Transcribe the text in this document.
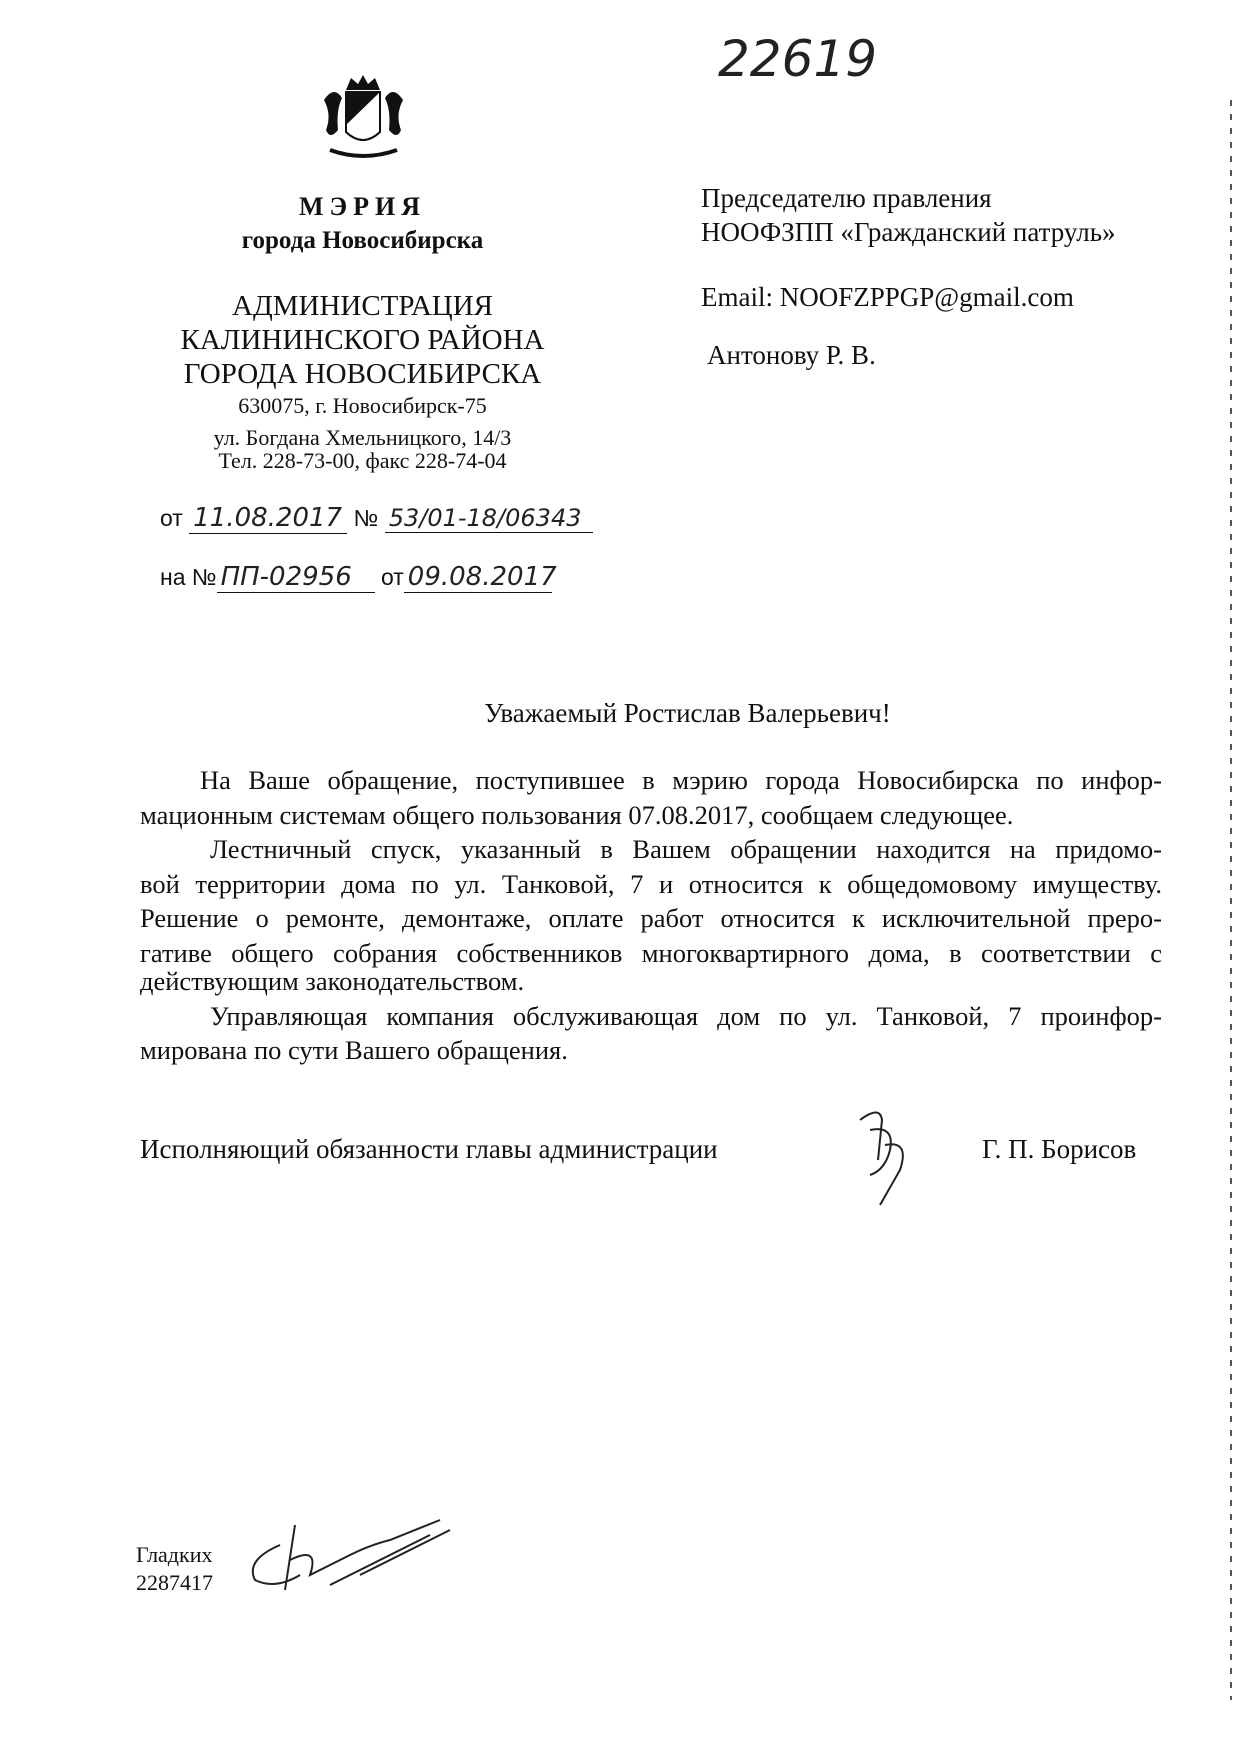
22619
МЭРИЯ
города Новосибирска
АДМИНИСТРАЦИЯ
КАЛИНИНСКОГО РАЙОНА
ГОРОДА НОВОСИБИРСКА
630075, г. Новосибирск-75
ул. Богдана Хмельницкого, 14/3
Тел. 228-73-00, факс 228-74-04
от 11.08.2017 № 53/01-18/06343
на № ПП-02956 от 09.08.2017
Председателю правления
НООФЗПП «Гражданский патруль»
Email: NOOFZPPGP@gmail.com
Антонову Р. В.
Уважаемый Ростислав Валерьевич!
На Ваше обращение, поступившее в мэрию города Новосибирска по инфор-
мационным системам общего пользования 07.08.2017, сообщаем следующее.
Лестничный спуск, указанный в Вашем обращении находится на придомо-
вой территории дома по ул. Танковой, 7 и относится к общедомовому имуществу.
Решение о ремонте, демонтаже, оплате работ относится к исключительной преро-
гативе общего собрания собственников многоквартирного дома, в соответствии с
действующим законодательством.
Управляющая компания обслуживающая дом по ул. Танковой, 7 проинфор-
мирована по сути Вашего обращения.
Исполняющий обязанности главы администрации	Г. П. Борисов
Гладких
2287417
